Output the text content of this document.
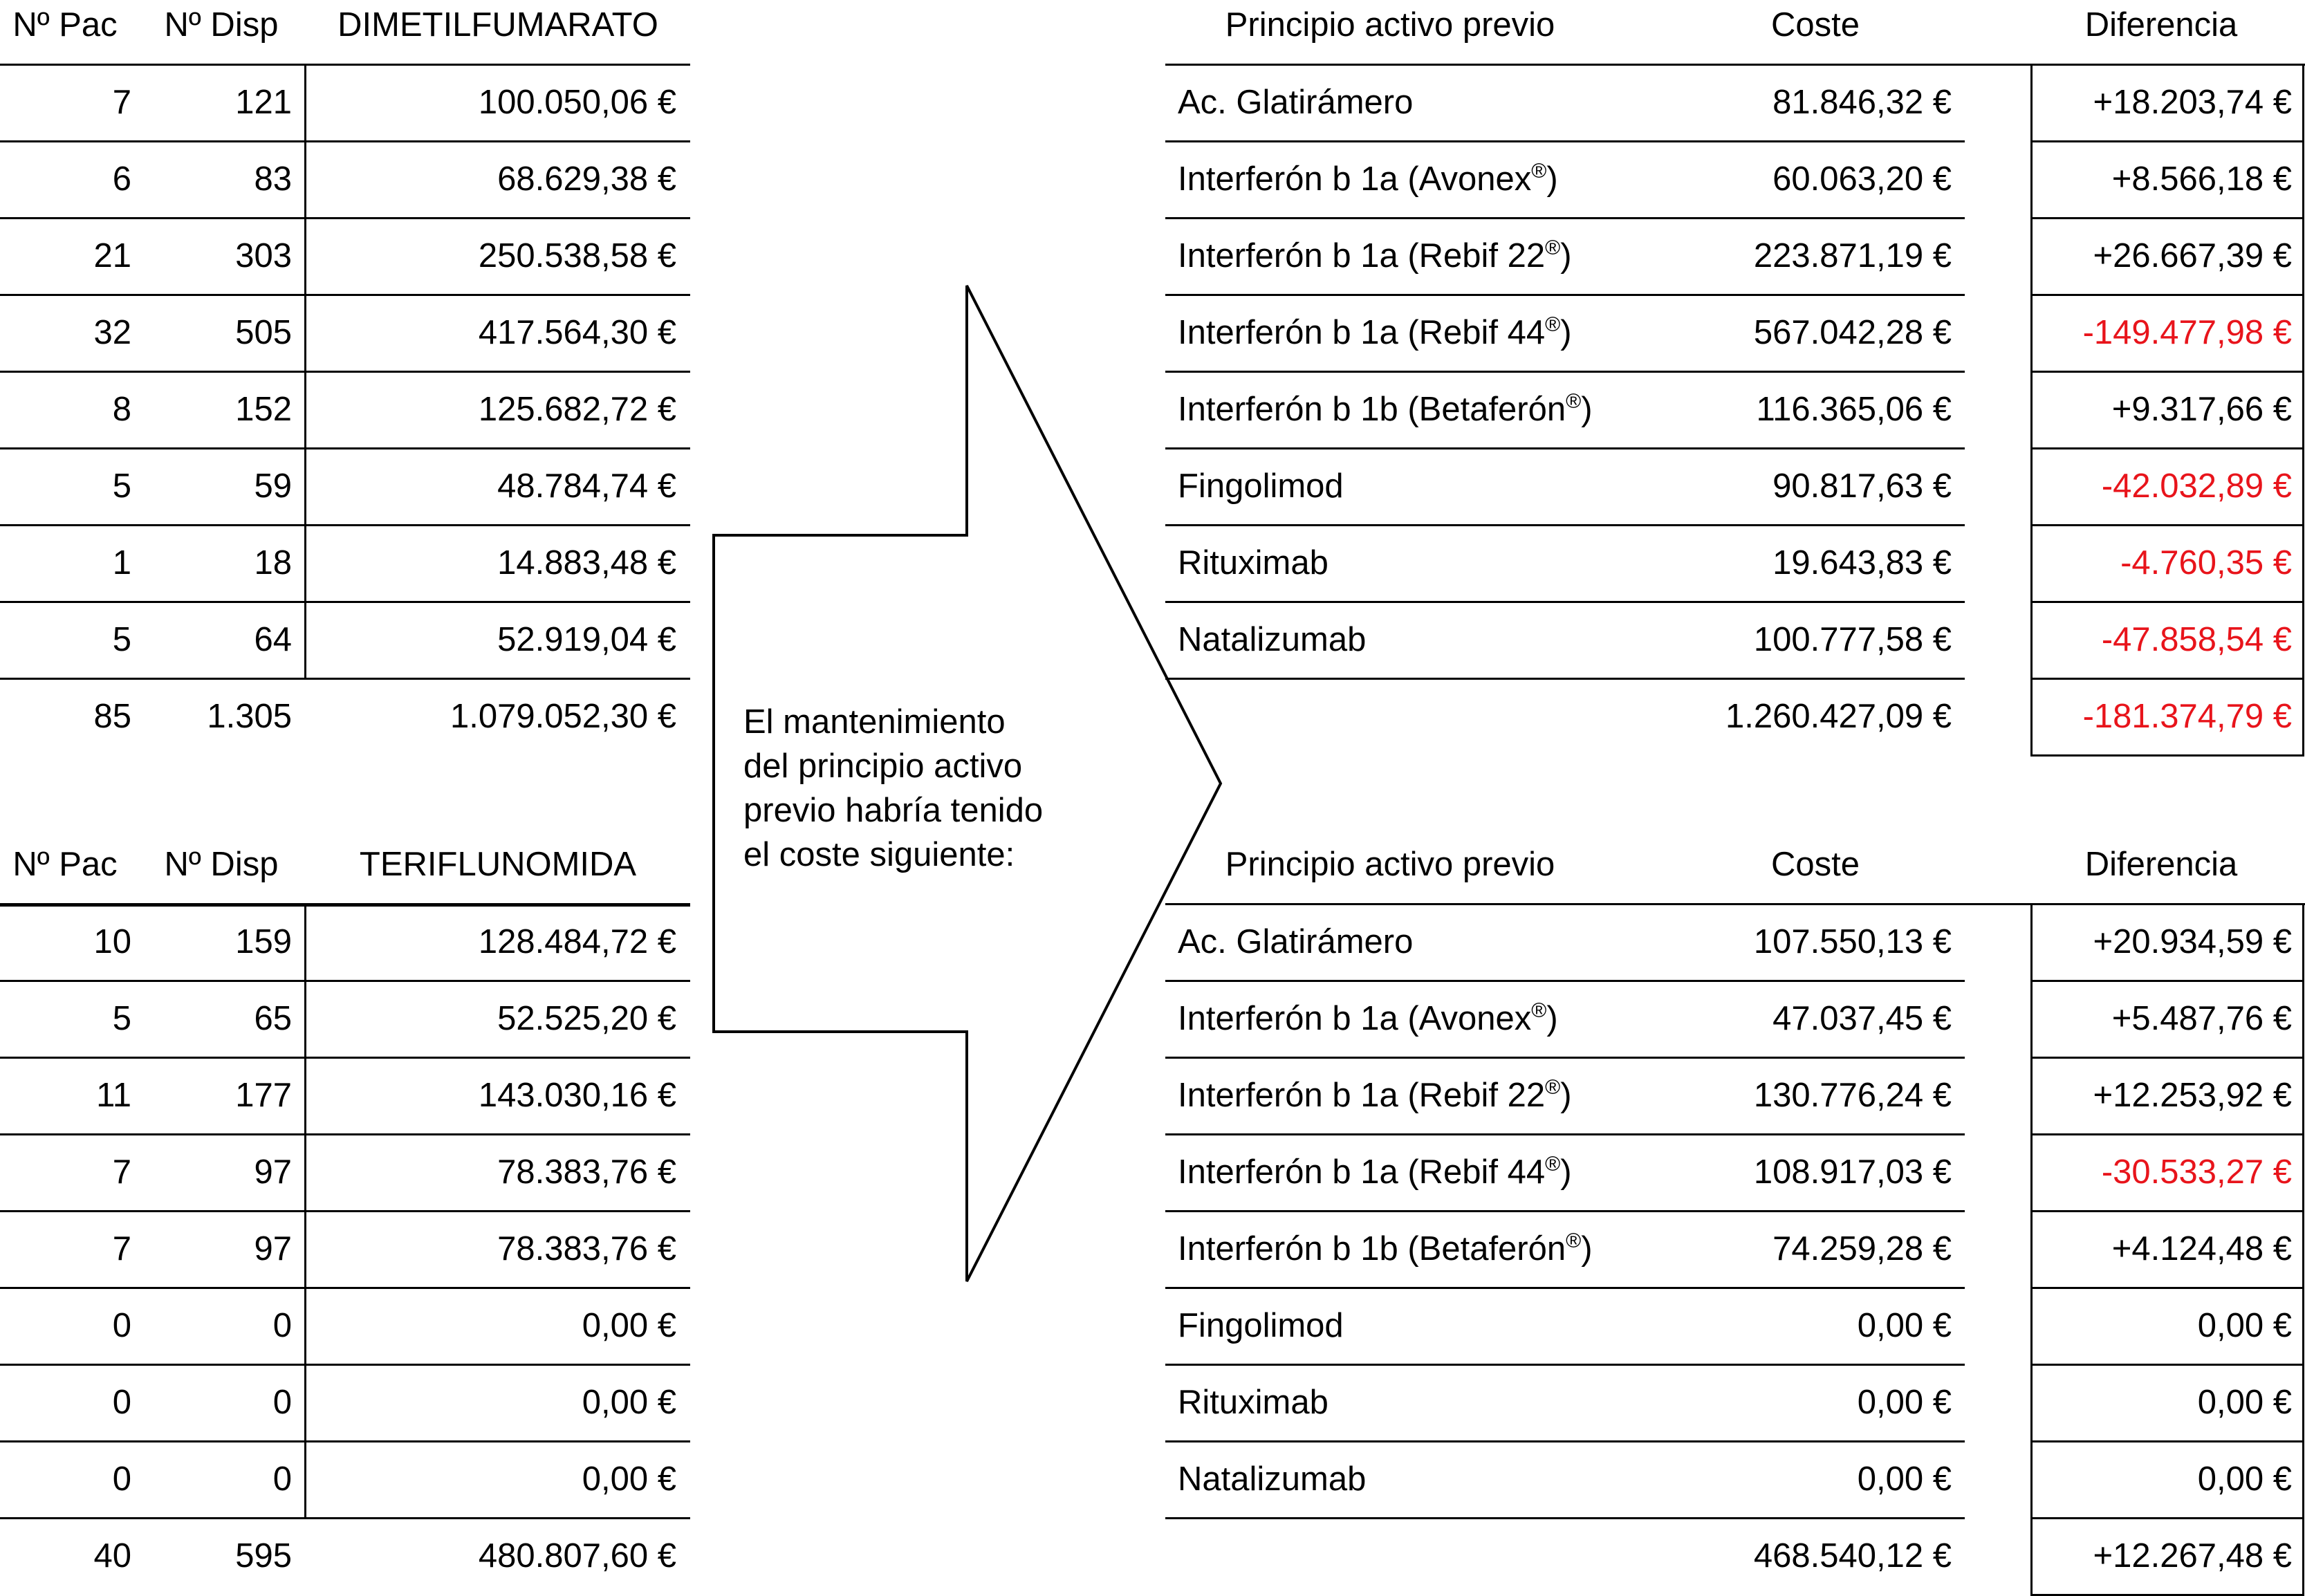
Nº Pac	Nº Disp	DIMETILFUMARATO
7	121	100.050,06 €
6	83	68.629,38 €
21	303	250.538,58 €
32	505	417.564,30 €
8	152	125.682,72 €
5	59	48.784,74 €
1	18	14.883,48 €
5	64	52.919,04 €
85	1.305	1.079.052,30 €
Nº Pac	Nº Disp	TERIFLUNOMIDA
10	159	128.484,72 €
5	65	52.525,20 €
11	177	143.030,16 €
7	97	78.383,76 €
7	97	78.383,76 €
0	0	0,00 €
0	0	0,00 €
0	0	0,00 €
40	595	480.807,60 €
El mantenimiento
del principio activo
previo habría tenido
el coste siguiente:
Principio activo previo	Coste	Diferencia
Ac. Glatirámero	81.846,32 €	+18.203,74 €
Interferón b 1a (Avonex®)	60.063,20 €	+8.566,18 €
Interferón b 1a (Rebif 22®)	223.871,19 €	+26.667,39 €
Interferón b 1a (Rebif 44®)	567.042,28 €	-149.477,98 €
Interferón b 1b (Betaferón®)	116.365,06 €	+9.317,66 €
Fingolimod	90.817,63 €	-42.032,89 €
Rituximab	19.643,83 €	-4.760,35 €
Natalizumab	100.777,58 €	-47.858,54 €
1.260.427,09 €	-181.374,79 €
Principio activo previo	Coste	Diferencia
Ac. Glatirámero	107.550,13 €	+20.934,59 €
Interferón b 1a (Avonex®)	47.037,45 €	+5.487,76 €
Interferón b 1a (Rebif 22®)	130.776,24 €	+12.253,92 €
Interferón b 1a (Rebif 44®)	108.917,03 €	-30.533,27 €
Interferón b 1b (Betaferón®)	74.259,28 €	+4.124,48 €
Fingolimod	0,00 €	0,00 €
Rituximab	0,00 €	0,00 €
Natalizumab	0,00 €	0,00 €
468.540,12 €	+12.267,48 €
